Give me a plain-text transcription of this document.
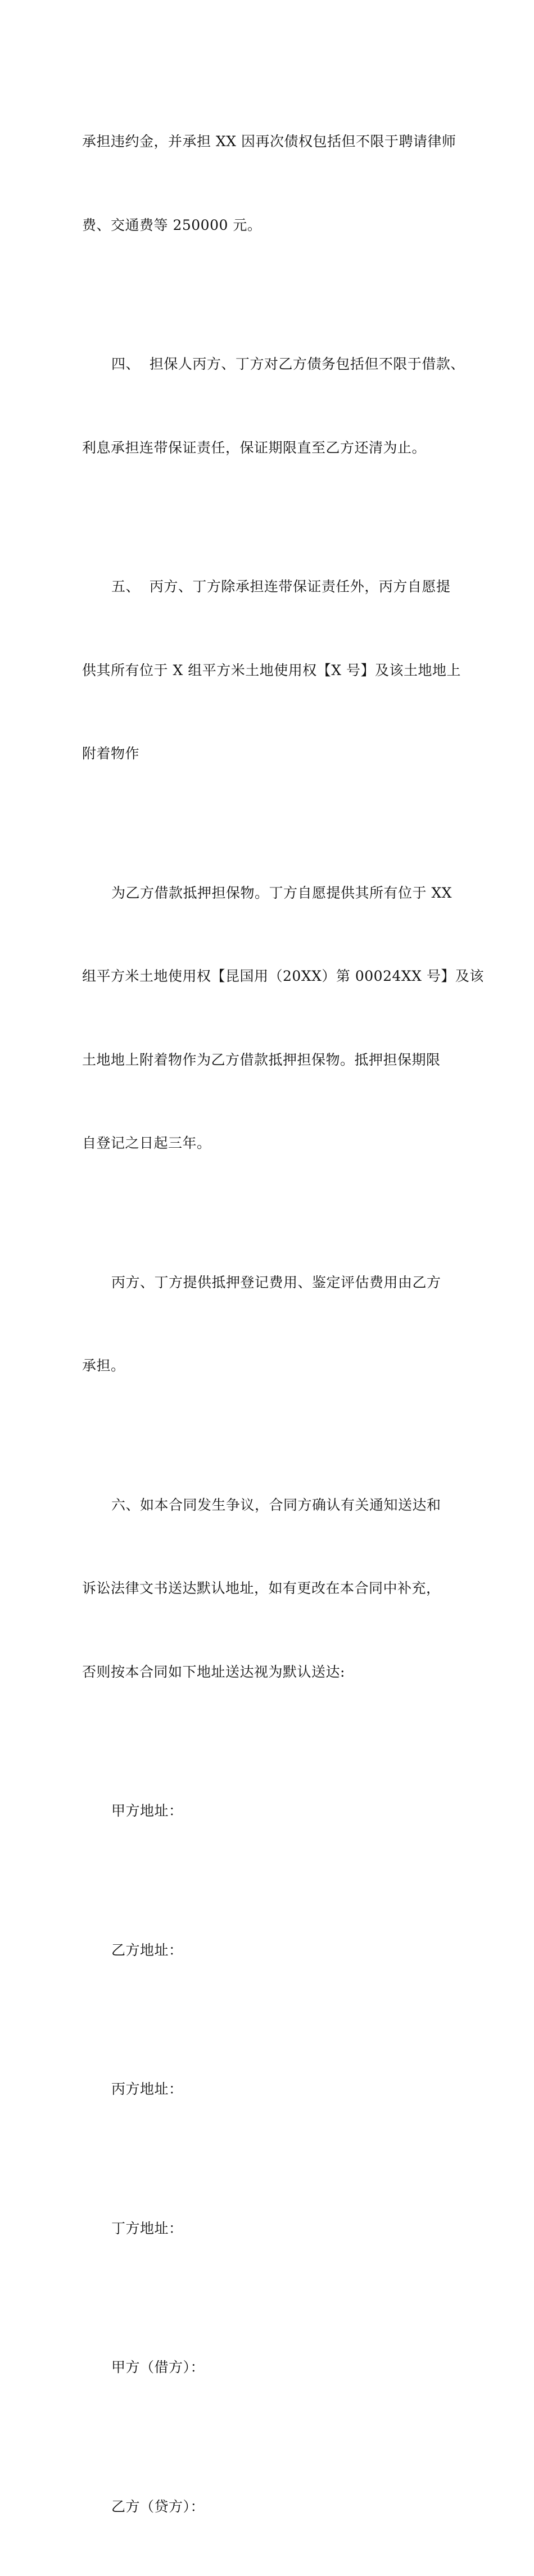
承担违约金，并承担 XX 因再次债权包括但不限于聘请律师

费、交通费等 250000 元。

四、  担保人丙方、丁方对乙方债务包括但不限于借款、

利息承担连带保证责任，保证期限直至乙方还清为止。

五、  丙方、丁方除承担连带保证责任外，丙方自愿提

供其所有位于 X 组平方米土地使用权【X 号】及该土地地上

附着物作

为乙方借款抵押担保物。丁方自愿提供其所有位于 XX

组平方米土地使用权【昆国用（20XX）第 00024XX 号】及该

土地地上附着物作为乙方借款抵押担保物。抵押担保期限

自登记之日起三年。

丙方、丁方提供抵押登记费用、鉴定评估费用由乙方

承担。

六、如本合同发生争议，合同方确认有关通知送达和

诉讼法律文书送达默认地址，如有更改在本合同中补充，

否则按本合同如下地址送达视为默认送达:

甲方地址：

乙方地址：

丙方地址：

丁方地址：

甲方（借方）：

乙方（贷方）：
